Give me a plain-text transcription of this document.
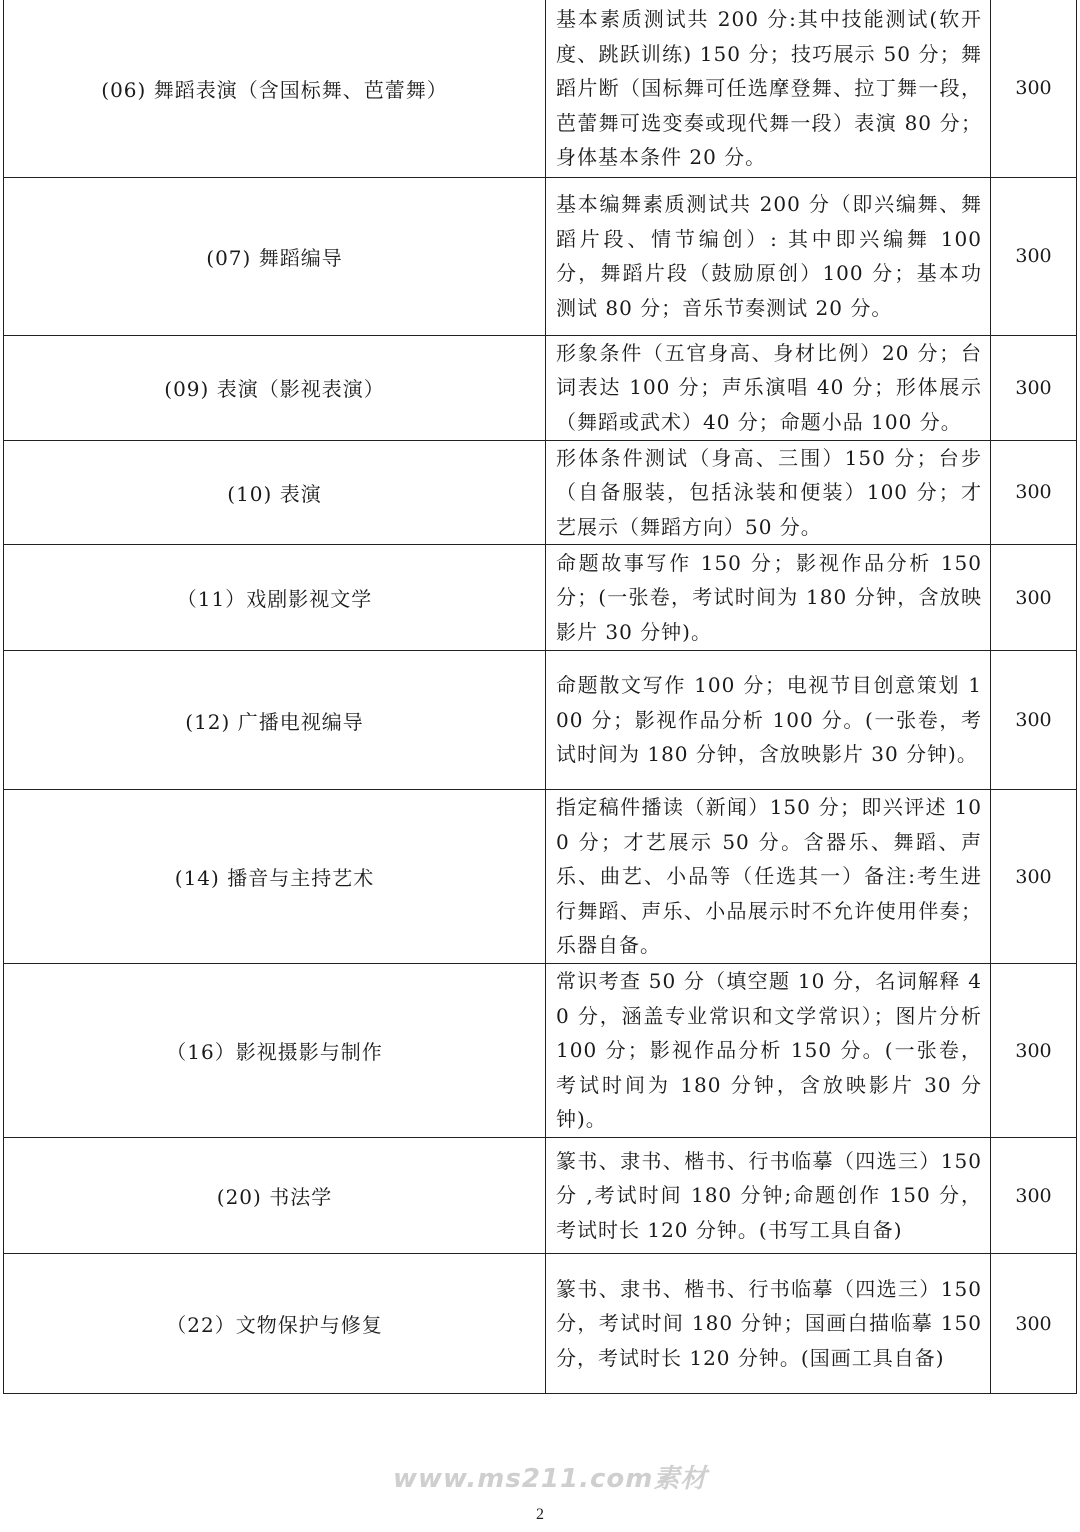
(06) 舞蹈表演（含国标舞、芭蕾舞）	基本素质测试共 200 分:其中技能测试(软开度、跳跃训练) 150 分；技巧展示 50 分；舞蹈片断（国标舞可任选摩登舞、拉丁舞一段，芭蕾舞可选变奏或现代舞一段）表演 80 分；身体基本条件 20 分。	300
(07) 舞蹈编导	基本编舞素质测试共 200 分（即兴编舞、舞蹈片段、情节编创）: 其中即兴编舞 100 分，舞蹈片段（鼓励原创）100 分；基本功测试 80 分；音乐节奏测试 20 分。	300
(09) 表演（影视表演）	形象条件（五官身高、身材比例）20 分；台词表达 100 分；声乐演唱 40 分；形体展示（舞蹈或武术）40 分；命题小品 100 分。	300
(10) 表演	形体条件测试（身高、三围）150 分；台步（自备服装，包括泳装和便装）100 分；才艺展示（舞蹈方向）50 分。	300
（11）戏剧影视文学	命题故事写作 150 分；影视作品分析 150 分；(一张卷，考试时间为 180 分钟，含放映影片 30 分钟)。	300
(12) 广播电视编导	命题散文写作 100 分；电视节目创意策划 100 分；影视作品分析 100 分。(一张卷，考试时间为 180 分钟，含放映影片 30 分钟)。	300
(14) 播音与主持艺术	指定稿件播读（新闻）150 分；即兴评述 100 分；才艺展示 50 分。含器乐、舞蹈、声乐、曲艺、小品等（任选其一）备注:考生进行舞蹈、声乐、小品展示时不允许使用伴奏；乐器自备。	300
（16）影视摄影与制作	常识考查 50 分（填空题 10 分，名词解释 40 分，涵盖专业常识和文学常识）；图片分析 100 分；影视作品分析 150 分。(一张卷，考试时间为 180 分钟，含放映影片 30 分钟)。	300
(20) 书法学	篆书、隶书、楷书、行书临摹（四选三）150 分 ,考试时间 180 分钟;命题创作 150 分，考试时长 120 分钟。(书写工具自备)	300
（22）文物保护与修复	篆书、隶书、楷书、行书临摹（四选三）150 分，考试时间 180 分钟；国画白描临摹 150 分，考试时长 120 分钟。(国画工具自备)	300
www.ms211.com素材
2
